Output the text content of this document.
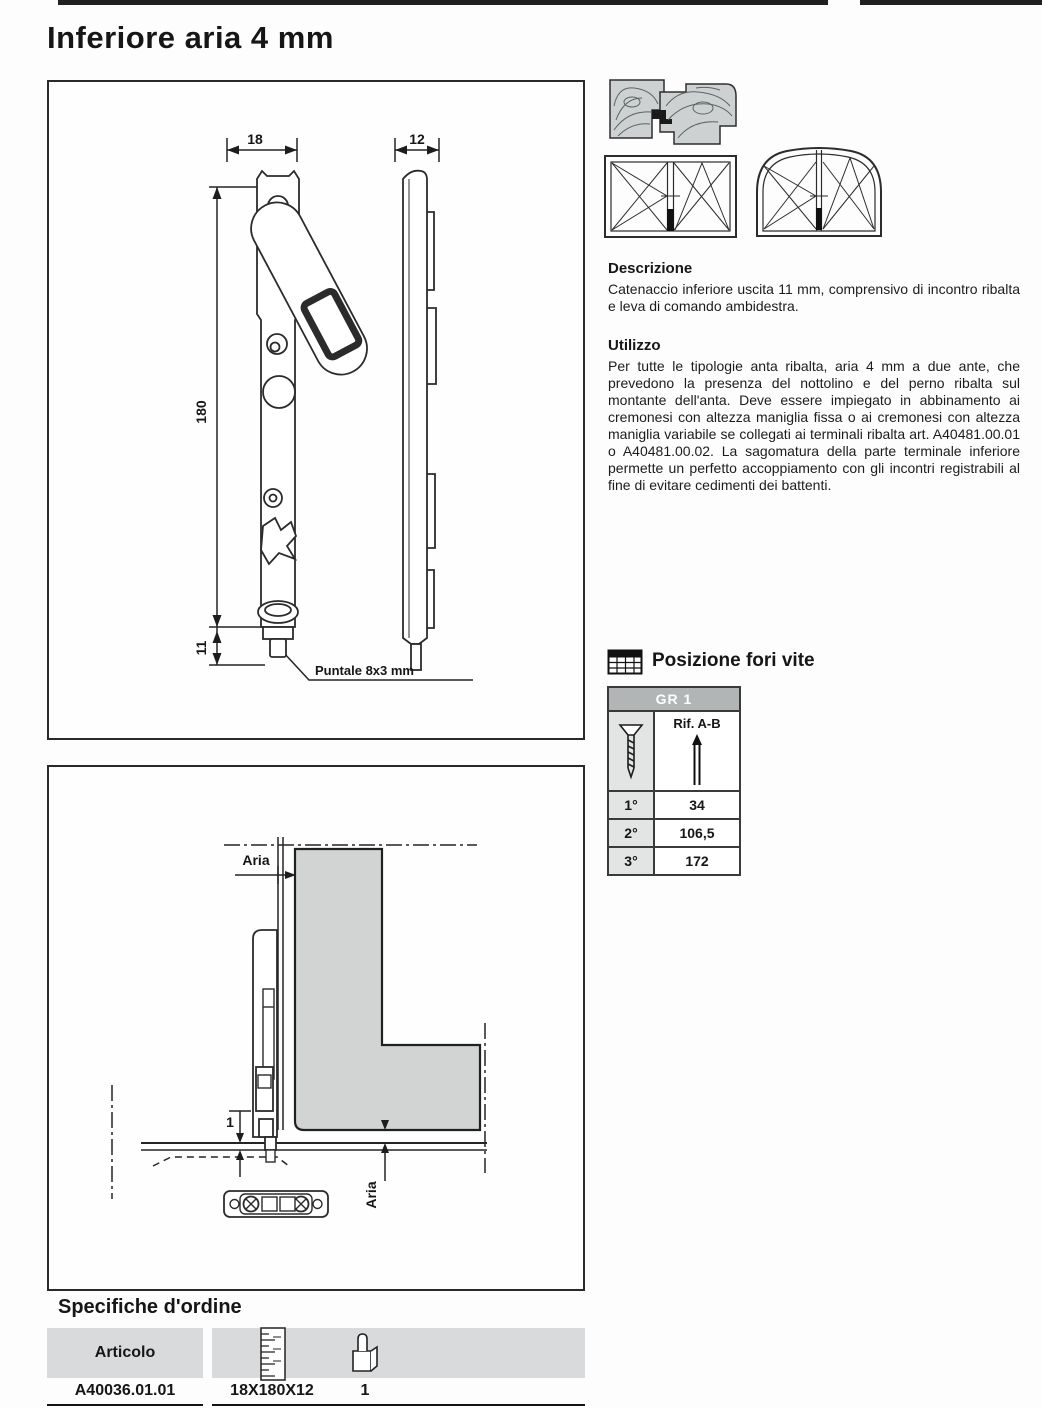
Inferiore aria 4 mm
18	12
180
11
Puntale 8x3 mm
Descrizione
Catenaccio inferiore uscita 11 mm, comprensivo di incontro ribalta e leva di comando ambidestra.
Utilizzo
Per tutte le tipologie anta ribalta, aria 4 mm a due ante, che prevedono la presenza del nottolino e del perno ribalta sul montante dell'anta. Deve essere impiegato in abbinamento ai cremonesi con altezza maniglia fissa o ai cremonesi con altezza maniglia variabile se collegati ai terminali ribalta art. A40481.00.01 o A40481.00.02. La sagomatura della parte terminale inferiore permette un perfetto accoppiamento con gli incontri registrabili al fine di evitare cedimenti dei battenti.
Posizione fori vite
GR 1
Rif. A-B
1°	34
2°	106,5
3°	172
Aria
1
Aria
Specifiche d'ordine
Articolo
A40036.01.01	18X180X12	1
